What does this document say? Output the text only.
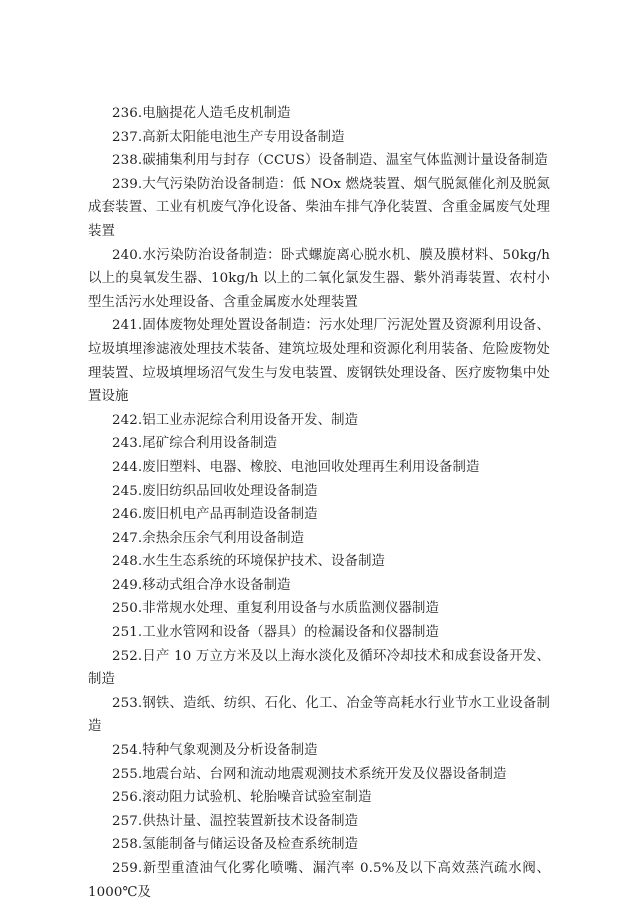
236.电脑提花人造毛皮机制造
237.高新太阳能电池生产专用设备制造
238.碳捕集利用与封存（CCUS）设备制造、温室气体监测计量设备制造
239.大气污染防治设备制造：低 NOx 燃烧装置、烟气脱氮催化剂及脱氮成套装置、工业有机废气净化设备、柴油车排气净化装置、含重金属废气处理装置
240.水污染防治设备制造：卧式螺旋离心脱水机、膜及膜材料、50kg/h 以上的臭氧发生器、10kg/h 以上的二氧化氯发生器、紫外消毒装置、农村小型生活污水处理设备、含重金属废水处理装置
241.固体废物处理处置设备制造：污水处理厂污泥处置及资源利用设备、垃圾填埋渗滤液处理技术装备、建筑垃圾处理和资源化利用装备、危险废物处理装置、垃圾填埋场沼气发生与发电装置、废钢铁处理设备、医疗废物集中处置设施
242.铝工业赤泥综合利用设备开发、制造
243.尾矿综合利用设备制造
244.废旧塑料、电器、橡胶、电池回收处理再生利用设备制造
245.废旧纺织品回收处理设备制造
246.废旧机电产品再制造设备制造
247.余热余压余气利用设备制造
248.水生生态系统的环境保护技术、设备制造
249.移动式组合净水设备制造
250.非常规水处理、重复利用设备与水质监测仪器制造
251.工业水管网和设备（器具）的检漏设备和仪器制造
252.日产 10 万立方米及以上海水淡化及循环冷却技术和成套设备开发、制造
253.钢铁、造纸、纺织、石化、化工、冶金等高耗水行业节水工业设备制造
254.特种气象观测及分析设备制造
255.地震台站、台网和流动地震观测技术系统开发及仪器设备制造
256.滚动阻力试验机、轮胎噪音试验室制造
257.供热计量、温控装置新技术设备制造
258.氢能制备与储运设备及检查系统制造
259.新型重渣油气化雾化喷嘴、漏汽率 0.5%及以下高效蒸汽疏水阀、1000℃及
